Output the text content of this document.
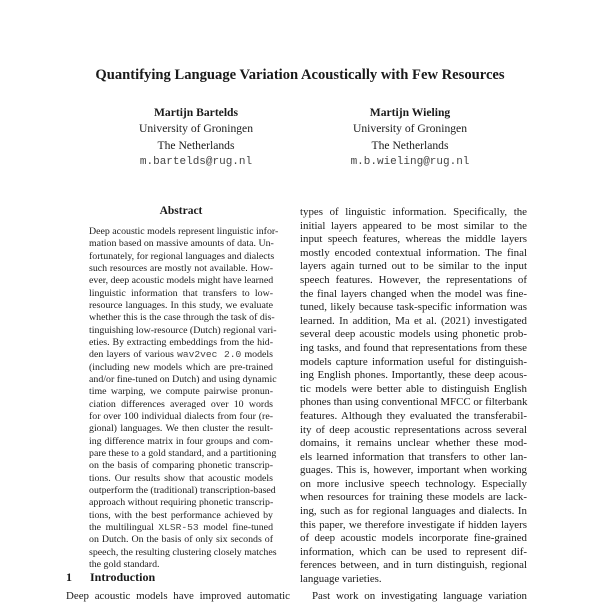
Quantifying Language Variation Acoustically with Few Resources
Martijn Bartelds
University of Groningen
The Netherlands
m.bartelds@rug.nl
Martijn Wieling
University of Groningen
The Netherlands
m.b.wieling@rug.nl
Abstract
Deep acoustic models represent linguistic infor-
mation based on massive amounts of data. Un-
fortunately, for regional languages and dialects
such resources are mostly not available. How-
ever, deep acoustic models might have learned
linguistic information that transfers to low-
resource languages. In this study, we evaluate
whether this is the case through the task of dis-
tinguishing low-resource (Dutch) regional vari-
eties. By extracting embeddings from the hid-
den layers of various wav2vec 2.0 models
(including new models which are pre-trained
and/or fine-tuned on Dutch) and using dynamic
time warping, we compute pairwise pronun-
ciation differences averaged over 10 words
for over 100 individual dialects from four (re-
gional) languages. We then cluster the result-
ing difference matrix in four groups and com-
pare these to a gold standard, and a partitioning
on the basis of comparing phonetic transcrip-
tions. Our results show that acoustic models
outperform the (traditional) transcription-based
approach without requiring phonetic transcrip-
tions, with the best performance achieved by
the multilingual XLSR-53 model fine-tuned
on Dutch. On the basis of only six seconds of
speech, the resulting clustering closely matches
the gold standard.
1 Introduction
Deep acoustic models have improved automatic
types of linguistic information. Specifically, the
initial layers appeared to be most similar to the
input speech features, whereas the middle layers
mostly encoded contextual information. The final
layers again turned out to be similar to the input
speech features. However, the representations of
the final layers changed when the model was fine-
tuned, likely because task-specific information was
learned. In addition, Ma et al. (2021) investigated
several deep acoustic models using phonetic prob-
ing tasks, and found that representations from these
models capture information useful for distinguish-
ing English phones. Importantly, these deep acous-
tic models were better able to distinguish English
phones than using conventional MFCC or filterbank
features. Although they evaluated the transferabil-
ity of deep acoustic representations across several
domains, it remains unclear whether these mod-
els learned information that transfers to other lan-
guages. This is, however, important when working
on more inclusive speech technology. Especially
when resources for training these models are lack-
ing, such as for regional languages and dialects. In
this paper, we therefore investigate if hidden layers
of deep acoustic models incorporate fine-grained
information, which can be used to represent dif-
ferences between, and in turn distinguish, regional
language varieties.
Past work on investigating language variation
